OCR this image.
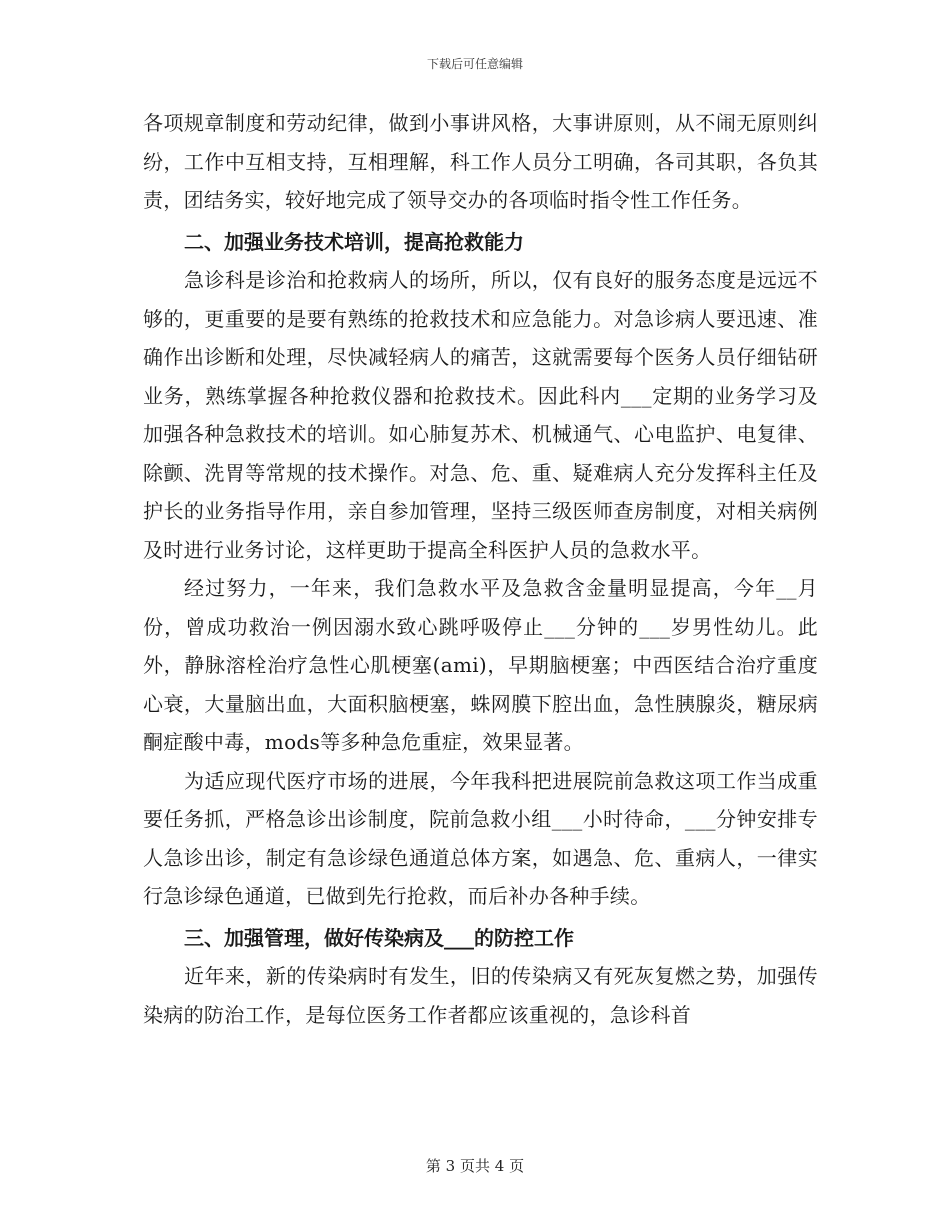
下载后可任意编辑

各项规章制度和劳动纪律，做到小事讲风格，大事讲原则，从不闹无原则纠纷，工作中互相支持，互相理解，科工作人员分工明确，各司其职，各负其责，团结务实，较好地完成了领导交办的各项临时指令性工作任务。

二、加强业务技术培训，提高抢救能力

急诊科是诊治和抢救病人的场所，所以，仅有良好的服务态度是远远不够的，更重要的是要有熟练的抢救技术和应急能力。对急诊病人要迅速、准确作出诊断和处理，尽快减轻病人的痛苦，这就需要每个医务人员仔细钻研业务，熟练掌握各种抢救仪器和抢救技术。因此科内___定期的业务学习及加强各种急救技术的培训。如心肺复苏术、机械通气、心电监护、电复律、除颤、洗胃等常规的技术操作。对急、危、重、疑难病人充分发挥科主任及护长的业务指导作用，亲自参加管理，坚持三级医师查房制度，对相关病例及时进行业务讨论，这样更助于提高全科医护人员的急救水平。

经过努力，一年来，我们急救水平及急救含金量明显提高，今年__月份，曾成功救治一例因溺水致心跳呼吸停止___分钟的___岁男性幼儿。此外，静脉溶栓治疗急性心肌梗塞(ami)，早期脑梗塞；中西医结合治疗重度心衰，大量脑出血，大面积脑梗塞，蛛网膜下腔出血，急性胰腺炎，糖尿病酮症酸中毒，mods等多种急危重症，效果显著。

为适应现代医疗市场的进展，今年我科把进展院前急救这项工作当成重要任务抓，严格急诊出诊制度，院前急救小组___小时待命，___分钟安排专人急诊出诊，制定有急诊绿色通道总体方案，如遇急、危、重病人，一律实行急诊绿色通道，已做到先行抢救，而后补办各种手续。

三、加强管理，做好传染病及___的防控工作

近年来，新的传染病时有发生，旧的传染病又有死灰复燃之势，加强传染病的防治工作，是每位医务工作者都应该重视的，急诊科首

第 3 页共 4 页
